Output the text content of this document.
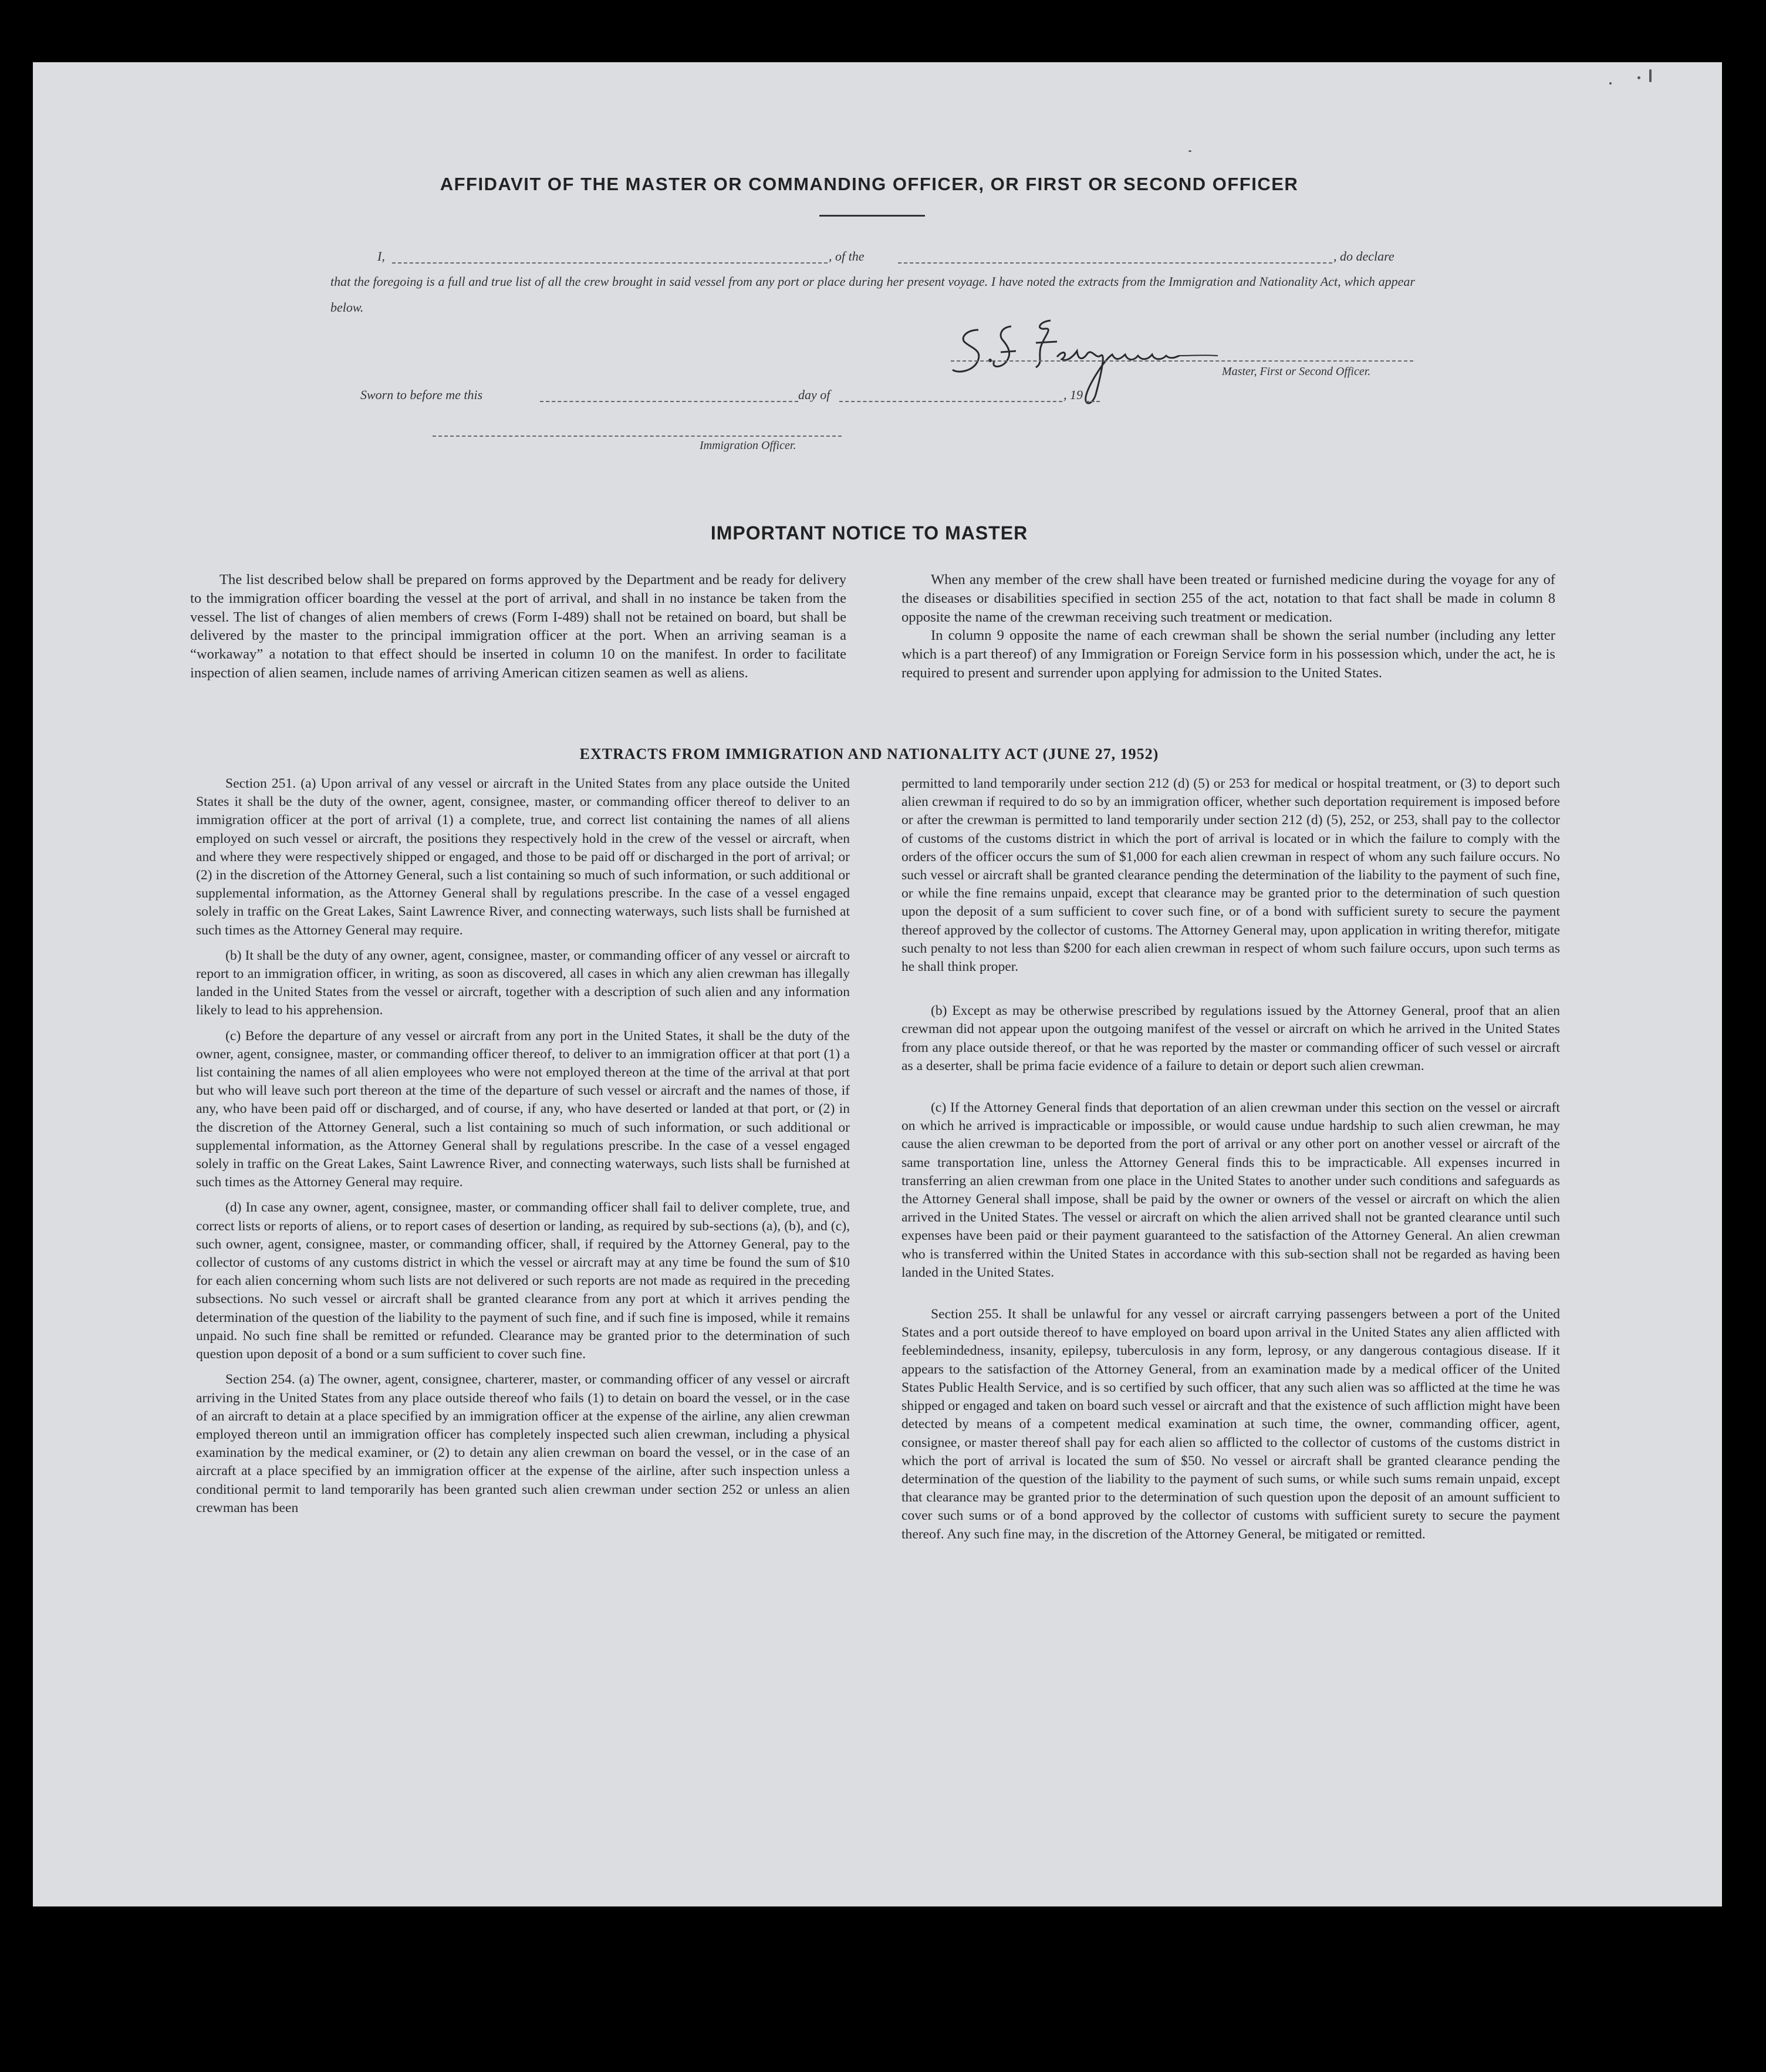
AFFIDAVIT OF THE MASTER OR COMMANDING OFFICER, OR FIRST OR SECOND OFFICER
I,	, of the	, do declare
that the foregoing is a full and true list of all the crew brought in said vessel from any port or place during her present voyage. I have noted the extracts from the Immigration and Nationality Act, which appear below.
Master, First or Second Officer.
Sworn to before me this	day of	, 19
Immigration Officer.
IMPORTANT NOTICE TO MASTER

The list described below shall be prepared on forms approved by the Department and be ready for delivery to the immigration officer boarding the vessel at the port of arrival, and shall in no instance be taken from the vessel. The list of changes of alien members of crews (Form I-489) shall not be retained on board, but shall be delivered by the master to the principal immigration officer at the port. When an arriving seaman is a “workaway” a notation to that effect should be inserted in column 10 on the manifest. In order to facilitate inspection of alien seamen, include names of arriving American citizen seamen as well as aliens.

When any member of the crew shall have been treated or furnished medicine during the voyage for any of the diseases or disabilities specified in section 255 of the act, notation to that fact shall be made in column 8 opposite the name of the crewman receiving such treatment or medication.

In column 9 opposite the name of each crewman shall be shown the serial number (including any letter which is a part thereof) of any Immigration or Foreign Service form in his possession which, under the act, he is required to present and surrender upon applying for admission to the United States.

EXTRACTS FROM IMMIGRATION AND NATIONALITY ACT (JUNE 27, 1952)

Section 251. (a) Upon arrival of any vessel or aircraft in the United States from any place outside the United States it shall be the duty of the owner, agent, consignee, master, or commanding officer thereof to deliver to an immigration officer at the port of arrival (1) a complete, true, and correct list containing the names of all aliens employed on such vessel or aircraft, the positions they respectively hold in the crew of the vessel or aircraft, when and where they were respectively shipped or engaged, and those to be paid off or discharged in the port of arrival; or (2) in the discretion of the Attorney General, such a list containing so much of such information, or such additional or supplemental information, as the Attorney General shall by regulations prescribe. In the case of a vessel engaged solely in traffic on the Great Lakes, Saint Lawrence River, and connecting waterways, such lists shall be furnished at such times as the Attorney General may require.

(b) It shall be the duty of any owner, agent, consignee, master, or commanding officer of any vessel or aircraft to report to an immigration officer, in writing, as soon as discovered, all cases in which any alien crewman has illegally landed in the United States from the vessel or aircraft, together with a description of such alien and any information likely to lead to his apprehension.

(c) Before the departure of any vessel or aircraft from any port in the United States, it shall be the duty of the owner, agent, consignee, master, or commanding officer thereof, to deliver to an immigration officer at that port (1) a list containing the names of all alien employees who were not employed thereon at the time of the arrival at that port but who will leave such port thereon at the time of the departure of such vessel or aircraft and the names of those, if any, who have been paid off or discharged, and of course, if any, who have deserted or landed at that port, or (2) in the discretion of the Attorney General, such a list containing so much of such information, or such additional or supplemental information, as the Attorney General shall by regulations prescribe. In the case of a vessel engaged solely in traffic on the Great Lakes, Saint Lawrence River, and connecting waterways, such lists shall be furnished at such times as the Attorney General may require.

(d) In case any owner, agent, consignee, master, or commanding officer shall fail to deliver complete, true, and correct lists or reports of aliens, or to report cases of desertion or landing, as required by sub-sections (a), (b), and (c), such owner, agent, consignee, master, or commanding officer, shall, if required by the Attorney General, pay to the collector of customs of any customs district in which the vessel or aircraft may at any time be found the sum of $10 for each alien concerning whom such lists are not delivered or such reports are not made as required in the preceding subsections. No such vessel or aircraft shall be granted clearance from any port at which it arrives pending the determination of the question of the liability to the payment of such fine, and if such fine is imposed, while it remains unpaid. No such fine shall be remitted or refunded. Clearance may be granted prior to the determination of such question upon deposit of a bond or a sum sufficient to cover such fine.

Section 254. (a) The owner, agent, consignee, charterer, master, or commanding officer of any vessel or aircraft arriving in the United States from any place outside thereof who fails (1) to detain on board the vessel, or in the case of an aircraft to detain at a place specified by an immigration officer at the expense of the airline, any alien crewman employed thereon until an immigration officer has completely inspected such alien crewman, including a physical examination by the medical examiner, or (2) to detain any alien crewman on board the vessel, or in the case of an aircraft at a place specified by an immigration officer at the expense of the airline, after such inspection unless a conditional permit to land temporarily has been granted such alien crewman under section 252 or unless an alien crewman has been

permitted to land temporarily under section 212 (d) (5) or 253 for medical or hospital treatment, or (3) to deport such alien crewman if required to do so by an immigration officer, whether such deportation requirement is imposed before or after the crewman is permitted to land temporarily under section 212 (d) (5), 252, or 253, shall pay to the collector of customs of the customs district in which the port of arrival is located or in which the failure to comply with the orders of the officer occurs the sum of $1,000 for each alien crewman in respect of whom any such failure occurs. No such vessel or aircraft shall be granted clearance pending the determination of the liability to the payment of such fine, or while the fine remains unpaid, except that clearance may be granted prior to the determination of such question upon the deposit of a sum sufficient to cover such fine, or of a bond with sufficient surety to secure the payment thereof approved by the collector of customs. The Attorney General may, upon application in writing therefor, mitigate such penalty to not less than $200 for each alien crewman in respect of whom such failure occurs, upon such terms as he shall think proper.

(b) Except as may be otherwise prescribed by regulations issued by the Attorney General, proof that an alien crewman did not appear upon the outgoing manifest of the vessel or aircraft on which he arrived in the United States from any place outside thereof, or that he was reported by the master or commanding officer of such vessel or aircraft as a deserter, shall be prima facie evidence of a failure to detain or deport such alien crewman.

(c) If the Attorney General finds that deportation of an alien crewman under this section on the vessel or aircraft on which he arrived is impracticable or impossible, or would cause undue hardship to such alien crewman, he may cause the alien crewman to be deported from the port of arrival or any other port on another vessel or aircraft of the same transportation line, unless the Attorney General finds this to be impracticable. All expenses incurred in transferring an alien crewman from one place in the United States to another under such conditions and safeguards as the Attorney General shall impose, shall be paid by the owner or owners of the vessel or aircraft on which the alien arrived in the United States. The vessel or aircraft on which the alien arrived shall not be granted clearance until such expenses have been paid or their payment guaranteed to the satisfaction of the Attorney General. An alien crewman who is transferred within the United States in accordance with this sub-section shall not be regarded as having been landed in the United States.

Section 255. It shall be unlawful for any vessel or aircraft carrying passengers between a port of the United States and a port outside thereof to have employed on board upon arrival in the United States any alien afflicted with feeblemindedness, insanity, epilepsy, tuberculosis in any form, leprosy, or any dangerous contagious disease. If it appears to the satisfaction of the Attorney General, from an examination made by a medical officer of the United States Public Health Service, and is so certified by such officer, that any such alien was so afflicted at the time he was shipped or engaged and taken on board such vessel or aircraft and that the existence of such affliction might have been detected by means of a competent medical examination at such time, the owner, commanding officer, agent, consignee, or master thereof shall pay for each alien so afflicted to the collector of customs of the customs district in which the port of arrival is located the sum of $50. No vessel or aircraft shall be granted clearance pending the determination of the question of the liability to the payment of such sums, or while such sums remain unpaid, except that clearance may be granted prior to the determination of such question upon the deposit of an amount sufficient to cover such sums or of a bond approved by the collector of customs with sufficient surety to secure the payment thereof. Any such fine may, in the discretion of the Attorney General, be mitigated or remitted.
